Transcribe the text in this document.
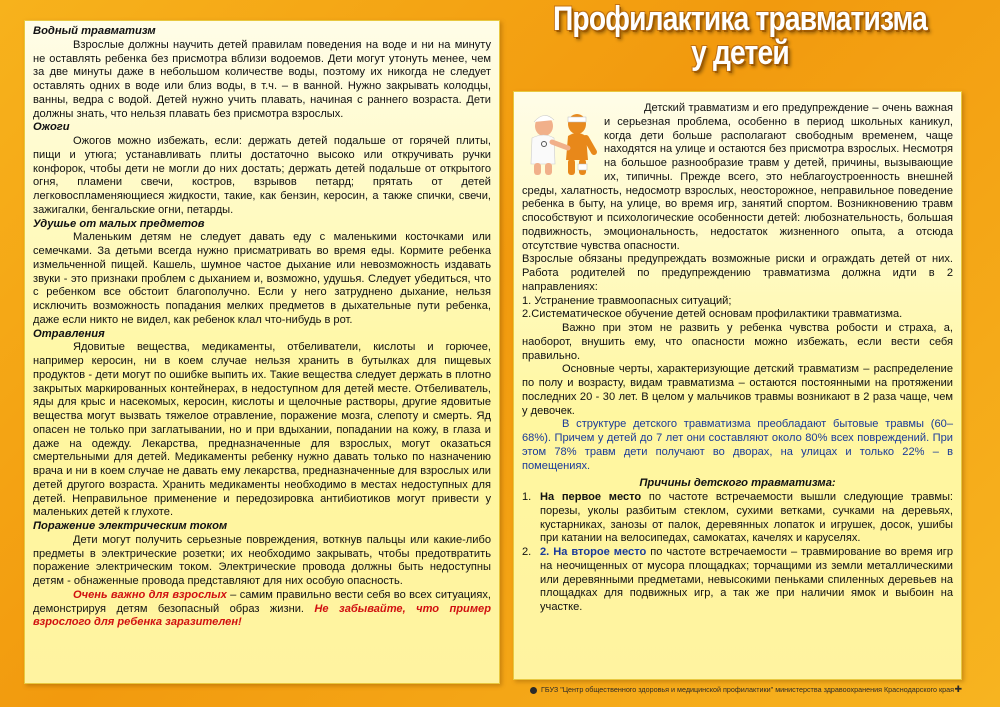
Профилактика травматизма
у детей

Водный травматизм

Взрослые должны научить детей правилам поведения на воде и ни на минуту не оставлять ребенка без присмотра вблизи водоемов. Дети могут утонуть менее, чем за две минуты даже в небольшом количестве воды, поэтому их никогда не следует оставлять одних в воде или близ воды, в т.ч. – в ванной. Нужно закрывать колодцы, ванны, ведра с водой. Детей нужно учить плавать, начиная с раннего возраста. Дети должны знать, что нельзя плавать без присмотра взрослых.

Ожоги

Ожогов можно избежать, если: держать детей подальше от горячей плиты, пищи и утюга; устанавливать плиты достаточно высоко или откручивать ручки конфорок, чтобы дети не могли до них достать; держать детей подальше от открытого огня, пламени свечи, костров, взрывов петард; прятать от детей легковоспламеняющиеся жидкости, такие, как бензин, керосин, а также спички, свечи, зажигалки, бенгальские огни, петарды.

Удушье от малых предметов

Маленьким детям не следует давать еду с маленькими косточками или семечками. За детьми всегда нужно присматривать во время еды. Кормите ребенка измельченной пищей. Кашель, шумное частое дыхание или невозможность издавать звуки - это признаки проблем с дыханием и, возможно, удушья. Следует убедиться, что с ребенком все обстоит благополучно. Если у него затруднено дыхание, нельзя исключить возможность попадания мелких предметов в дыхательные пути ребенка, даже если никто не видел, как ребенок клал что-нибудь в рот.

Отравления

Ядовитые вещества, медикаменты, отбеливатели, кислоты и горючее, например керосин, ни в коем случае нельзя хранить в бутылках для пищевых продуктов - дети могут по ошибке выпить их. Такие вещества следует держать в плотно закрытых маркированных контейнерах, в недоступном для детей месте. Отбеливатель, яды для крыс и насекомых, керосин, кислоты и щелочные растворы, другие ядовитые вещества могут вызвать тяжелое отравление, поражение мозга, слепоту и смерть. Яд опасен не только при заглатывании, но и при вдыхании, попадании на кожу, в глаза и даже на одежду. Лекарства, предназначенные для взрослых, могут оказаться смертельными для детей. Медикаменты ребенку нужно давать только по назначению врача и ни в коем случае не давать ему лекарства, предназначенные для взрослых или детей другого возраста. Хранить медикаменты необходимо в местах недоступных для детей. Неправильное применение и передозировка антибиотиков могут привести у маленьких детей к глухоте.

Поражение электрическим током

Дети могут получить серьезные повреждения, воткнув пальцы или какие-либо предметы в электрические розетки; их необходимо закрывать, чтобы предотвратить поражение электрическим током. Электрические провода должны быть недоступны детям - обнаженные провода представляют для них особую опасность.

Очень важно для взрослых – самим правильно вести себя во всех ситуациях, демонстрируя детям безопасный образ жизни. Не забывайте, что пример взрослого для ребенка заразителен!

Детский травматизм и его предупреждение – очень важная и серьезная проблема, особенно в период школьных каникул, когда дети больше располагают свободным временем, чаще находятся на улице и остаются без присмотра взрослых. Несмотря на большое разнообразие травм у детей, причины, вызывающие их, типичны. Прежде всего, это неблагоустроенность внешней среды, халатность, недосмотр взрослых, неосторожное, неправильное поведение ребенка в быту, на улице, во время игр, занятий спортом. Возникновению травм способствуют и психологические особенности детей: любознательность, большая подвижность, эмоциональность, недостаток жизненного опыта, а отсюда отсутствие чувства опасности.

Взрослые обязаны предупреждать возможные риски и ограждать детей от них. Работа родителей по предупреждению травматизма должна идти в 2 направлениях:

1. Устранение травмоопасных ситуаций;

2.Систематическое обучение детей основам профилактики травматизма.

Важно при этом не развить у ребенка чувства робости и страха, а, наоборот, внушить ему, что опасности можно избежать, если вести себя правильно.

Основные черты, характеризующие детский травматизм – распределение по полу и возрасту, видам травматизма – остаются постоянными на протяжении последних 20 - 30 лет. В целом у мальчиков травмы возникают в 2 раза чаще, чем у девочек.

В структуре детского травматизма преобладают бытовые травмы (60–68%). Причем у детей до 7 лет они составляют около 80% всех повреждений. При этом 78% травм дети получают во дворах, на улицах и только 22% – в помещениях.

Причины детского травматизма:

1. На первое место по частоте встречаемости вышли следующие травмы: порезы, уколы разбитым стеклом, сухими ветками, сучками на деревьях, кустарниках, занозы от палок, деревянных лопаток и игрушек, досок, ушибы при катании на велосипедах, самокатах, качелях и каруселях.
2. 2. На второе место по частоте встречаемости – травмирование во время игр на неочищенных от мусора площадках; торчащими из земли металлическими или деревянными предметами, невысокими пеньками спиленных деревьев на площадках для подвижных игр, а так же при наличии ямок и выбоин на участке.
ГБУЗ "Центр общественного здоровья и медицинской профилактики" министерства здравоохранения Краснодарского края ✚
